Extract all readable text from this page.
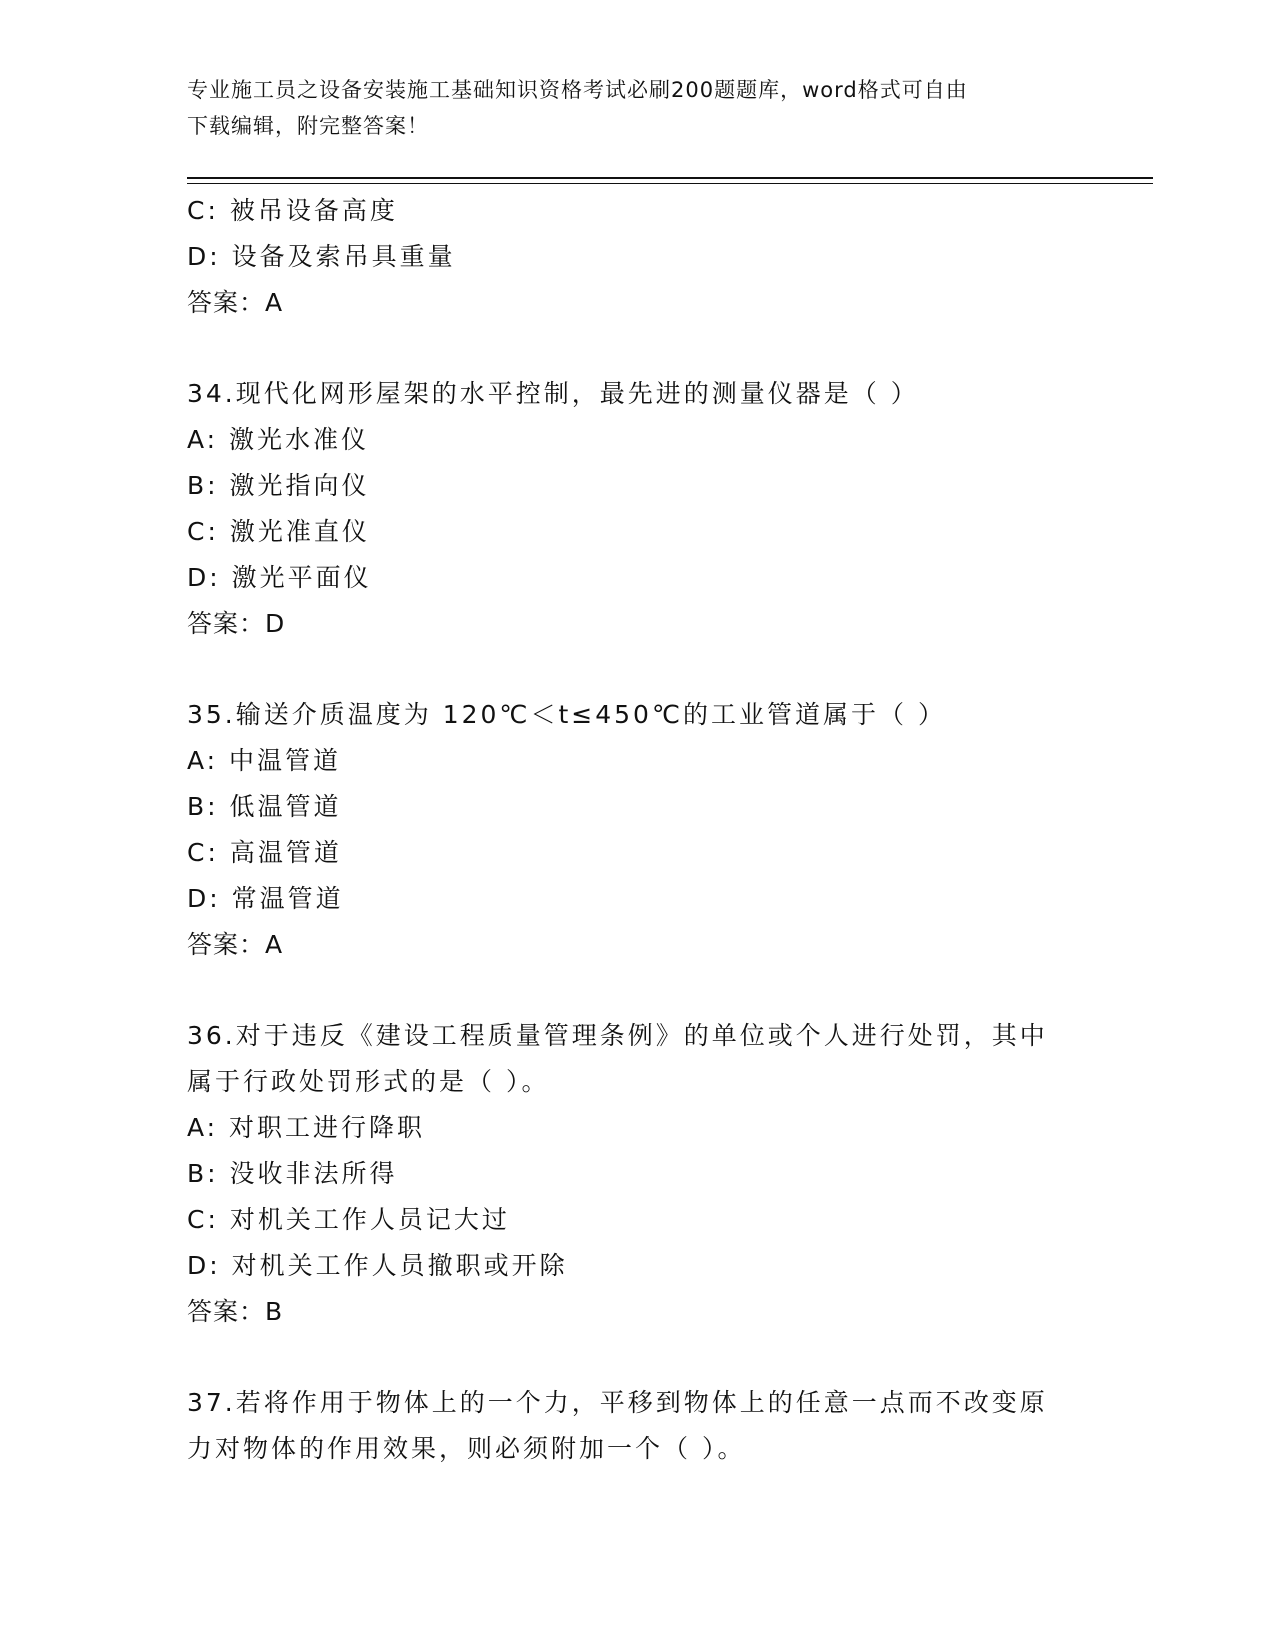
专业施工员之设备安装施工基础知识资格考试必刷200题题库，word格式可自由
下载编辑，附完整答案！
C: 被吊设备高度
D: 设备及索吊具重量
答案：A
34.现代化网形屋架的水平控制，最先进的测量仪器是（ ）
A: 激光水准仪
B: 激光指向仪
C: 激光准直仪
D: 激光平面仪
答案：D
35.输送介质温度为 120℃＜t≤450℃的工业管道属于（ ）
A: 中温管道
B: 低温管道
C: 高温管道
D: 常温管道
答案：A
36.对于违反《建设工程质量管理条例》的单位或个人进行处罚，其中
属于行政处罚形式的是（ ）。
A: 对职工进行降职
B: 没收非法所得
C: 对机关工作人员记大过
D: 对机关工作人员撤职或开除
答案：B
37.若将作用于物体上的一个力，平移到物体上的任意一点而不改变原
力对物体的作用效果，则必须附加一个（ ）。
